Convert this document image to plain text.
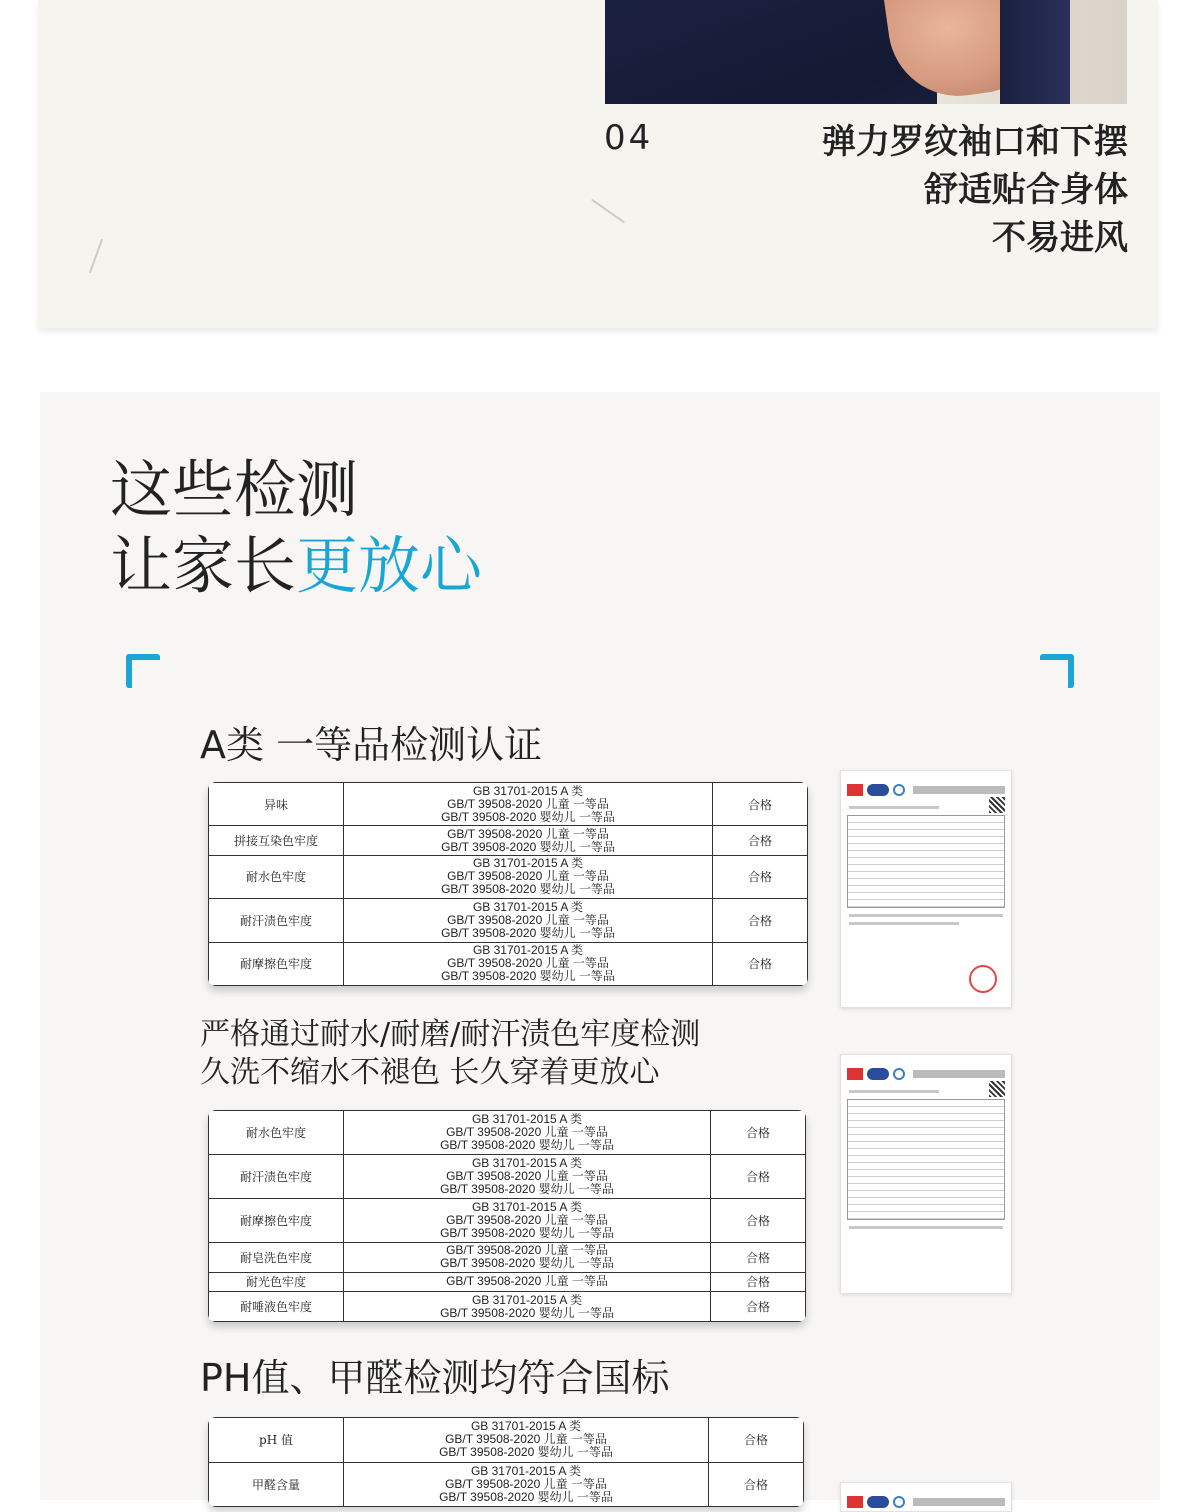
04	弹力罗纹袖口和下摆
舒适贴合身体
不易进风
这些检测
让家长更放心
A类 一等品检测认证
异味	GB 31701-2015 A 类
GB/T 39508-2020 儿童 一等品
GB/T 39508-2020 婴幼儿 一等品	合格
拼接互染色牢度	GB/T 39508-2020 儿童 一等品
GB/T 39508-2020 婴幼儿 一等品	合格
耐水色牢度	GB 31701-2015 A 类
GB/T 39508-2020 儿童 一等品
GB/T 39508-2020 婴幼儿 一等品	合格
耐汗渍色牢度	GB 31701-2015 A 类
GB/T 39508-2020 儿童 一等品
GB/T 39508-2020 婴幼儿 一等品	合格
耐摩擦色牢度	GB 31701-2015 A 类
GB/T 39508-2020 儿童 一等品
GB/T 39508-2020 婴幼儿 一等品	合格
严格通过耐水/耐磨/耐汗渍色牢度检测
久洗不缩水不褪色 长久穿着更放心
耐水色牢度	GB 31701-2015 A 类
GB/T 39508-2020 儿童 一等品
GB/T 39508-2020 婴幼儿 一等品	合格
耐汗渍色牢度	GB 31701-2015 A 类
GB/T 39508-2020 儿童 一等品
GB/T 39508-2020 婴幼儿 一等品	合格
耐摩擦色牢度	GB 31701-2015 A 类
GB/T 39508-2020 儿童 一等品
GB/T 39508-2020 婴幼儿 一等品	合格
耐皂洗色牢度	GB/T 39508-2020 儿童 一等品
GB/T 39508-2020 婴幼儿 一等品	合格
耐光色牢度	GB/T 39508-2020 儿童 一等品	合格
耐唾液色牢度	GB 31701-2015 A 类
GB/T 39508-2020 婴幼儿 一等品	合格
PH值、甲醛检测均符合国标
pH 值	GB 31701-2015 A 类
GB/T 39508-2020 儿童 一等品
GB/T 39508-2020 婴幼儿 一等品	合格
甲醛含量	GB 31701-2015 A 类
GB/T 39508-2020 儿童 一等品
GB/T 39508-2020 婴幼儿 一等品	合格
